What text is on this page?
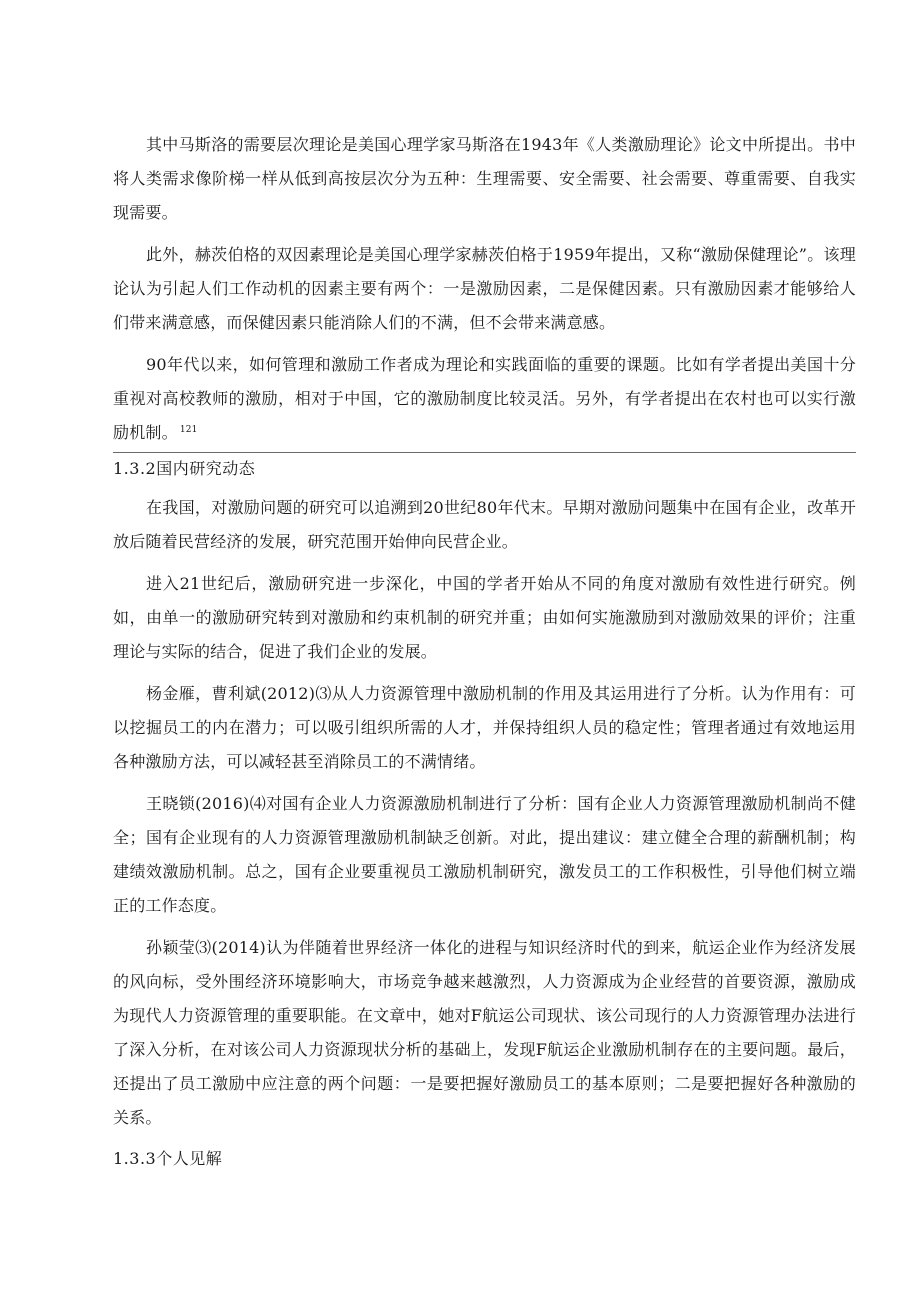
其中马斯洛的需要层次理论是美国心理学家马斯洛在1943年《人类激励理论》论文中所提出。书中将人类需求像阶梯一样从低到高按层次分为五种：生理需要、安全需要、社会需要、尊重需要、自我实现需要。

此外，赫茨伯格的双因素理论是美国心理学家赫茨伯格于1959年提出，又称“激励保健理论”。该理论认为引起人们工作动机的因素主要有两个：一是激励因素，二是保健因素。只有激励因素才能够给人们带来满意感，而保健因素只能消除人们的不满，但不会带来满意感。

90年代以来，如何管理和激励工作者成为理论和实践面临的重要的课题。比如有学者提出美国十分重视对高校教师的激励，相对于中国，它的激励制度比较灵活。另外，有学者提出在农村也可以实行激励机制。 $^{121}$

1.3.2国内研究动态

在我国，对激励问题的研究可以追溯到20世纪80年代末。早期对激励问题集中在国有企业，改革开放后随着民营经济的发展，研究范围开始伸向民营企业。

进入21世纪后，激励研究进一步深化，中国的学者开始从不同的角度对激励有效性进行研究。例如，由单一的激励研究转到对激励和约束机制的研究并重；由如何实施激励到对激励效果的评价；注重理论与实际的结合，促进了我们企业的发展。

杨金雁，曹利斌(2012)⑶从人力资源管理中激励机制的作用及其运用进行了分析。认为作用有：可以挖掘员工的内在潜力；可以吸引组织所需的人才，并保持组织人员的稳定性；管理者通过有效地运用各种激励方法，可以减轻甚至消除员工的不满情绪。

王晓锁(2016)⑷对国有企业人力资源激励机制进行了分析：国有企业人力资源管理激励机制尚不健全；国有企业现有的人力资源管理激励机制缺乏创新。对此，提出建议：建立健全合理的薪酬机制；构建绩效激励机制。总之，国有企业要重视员工激励机制研究，激发员工的工作积极性，引导他们树立端正的工作态度。

孙颖莹⑶(2014)认为伴随着世界经济一体化的进程与知识经济时代的到来，航运企业作为经济发展的风向标，受外围经济环境影响大，市场竞争越来越激烈，人力资源成为企业经营的首要资源，激励成为现代人力资源管理的重要职能。在文章中，她对F航运公司现状、该公司现行的人力资源管理办法进行了深入分析，在对该公司人力资源现状分析的基础上，发现F航运企业激励机制存在的主要问题。最后，还提出了员工激励中应注意的两个问题：一是要把握好激励员工的基本原则；二是要把握好各种激励的关系。

1.3.3个人见解
